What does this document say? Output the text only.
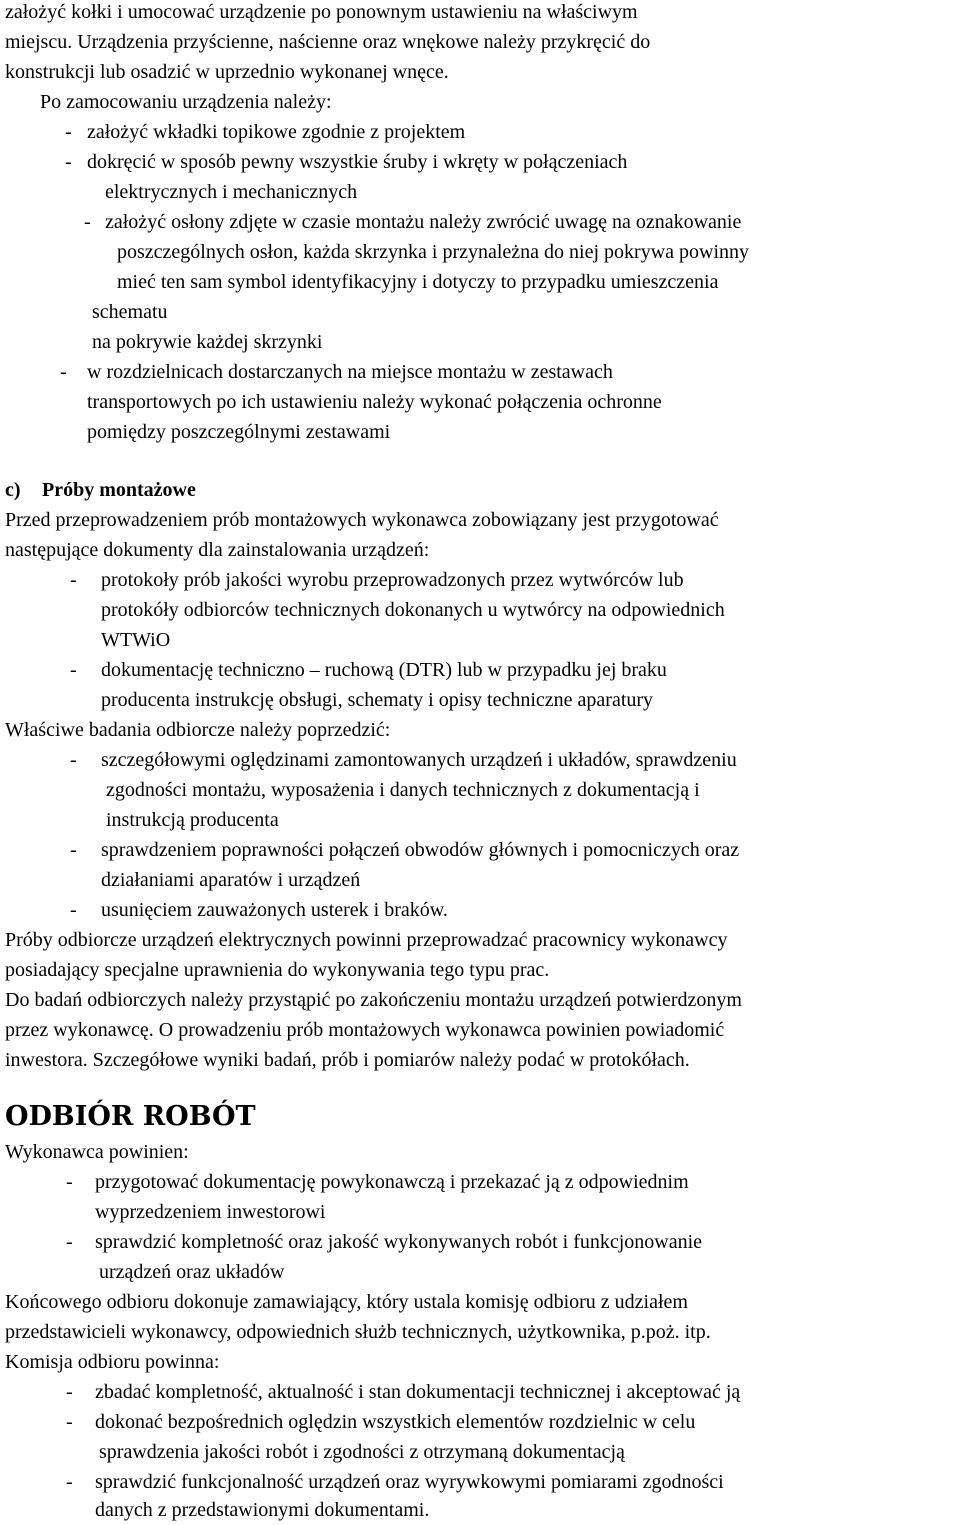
założyć kołki i umocować urządzenie po ponownym ustawieniu na właściwym
miejscu. Urządzenia przyścienne, naścienne oraz wnękowe należy przykręcić do
konstrukcji lub osadzić w uprzednio wykonanej wnęce.
Po zamocowaniu urządzenia należy:
- założyć wkładki topikowe zgodnie z projektem
- dokręcić w sposób pewny wszystkie śruby i wkręty w połączeniach
elektrycznych i mechanicznych
- założyć osłony zdjęte w czasie montażu należy zwrócić uwagę na oznakowanie
poszczególnych osłon, każda skrzynka i przynależna do niej pokrywa powinny
mieć ten sam symbol identyfikacyjny i dotyczy to przypadku umieszczenia
schematu
na pokrywie każdej skrzynki
- w rozdzielnicach dostarczanych na miejsce montażu w zestawach
transportowych po ich ustawieniu należy wykonać połączenia ochronne
pomiędzy poszczególnymi zestawami
c) Próby montażowe
Przed przeprowadzeniem prób montażowych wykonawca zobowiązany jest przygotować
następujące dokumenty dla zainstalowania urządzeń:
- protokoły prób jakości wyrobu przeprowadzonych przez wytwórców lub
protokóły odbiorców technicznych dokonanych u wytwórcy na odpowiednich
WTWiO
- dokumentację techniczno – ruchową (DTR) lub w przypadku jej braku
producenta instrukcję obsługi, schematy i opisy techniczne aparatury
Właściwe badania odbiorcze należy poprzedzić:
- szczegółowymi oględzinami zamontowanych urządzeń i układów, sprawdzeniu
zgodności montażu, wyposażenia i danych technicznych z dokumentacją i
instrukcją producenta
- sprawdzeniem poprawności połączeń obwodów głównych i pomocniczych oraz
działaniami aparatów i urządzeń
- usunięciem zauważonych usterek i braków.
Próby odbiorcze urządzeń elektrycznych powinni przeprowadzać pracownicy wykonawcy
posiadający specjalne uprawnienia do wykonywania tego typu prac.
Do badań odbiorczych należy przystąpić po zakończeniu montażu urządzeń potwierdzonym
przez wykonawcę. O prowadzeniu prób montażowych wykonawca powinien powiadomić
inwestora. Szczegółowe wyniki badań, prób i pomiarów należy podać w protokółach.
ODBIÓR ROBÓT
Wykonawca powinien:
- przygotować dokumentację powykonawczą i przekazać ją z odpowiednim
wyprzedzeniem inwestorowi
- sprawdzić kompletność oraz jakość wykonywanych robót i funkcjonowanie
urządzeń oraz układów
Końcowego odbioru dokonuje zamawiający, który ustala komisję odbioru z udziałem
przedstawicieli wykonawcy, odpowiednich służb technicznych, użytkownika, p.poż. itp.
Komisja odbioru powinna:
- zbadać kompletność, aktualność i stan dokumentacji technicznej i akceptować ją
- dokonać bezpośrednich oględzin wszystkich elementów rozdzielnic w celu
sprawdzenia jakości robót i zgodności z otrzymaną dokumentacją
- sprawdzić funkcjonalność urządzeń oraz wyrywkowymi pomiarami zgodności
danych z przedstawionymi dokumentami.
